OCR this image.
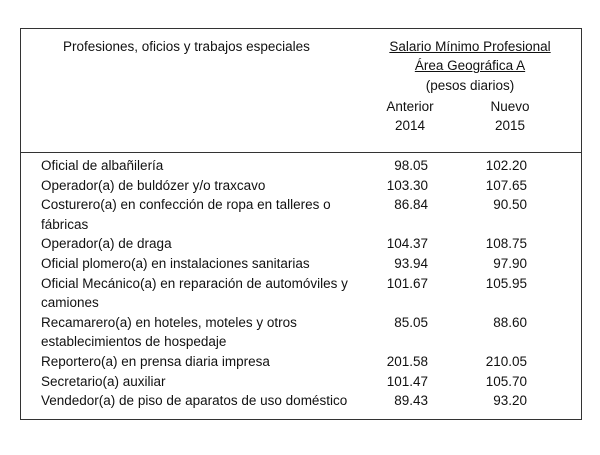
Profesiones, oficios y trabajos especiales	Salario Mínimo Profesional
Área Geográfica A
(pesos diarios)
Anterior
2014
Nuevo
2015
Oficial de albañilería	98.05	102.20
Operador(a) de buldózer y/o traxcavo	103.30	107.65
Costurero(a) en confección de ropa en talleres o
fábricas
86.84	90.50
Operador(a) de draga	104.37	108.75
Oficial plomero(a) en instalaciones sanitarias	93.94	97.90
Oficial Mecánico(a) en reparación de automóviles y
camiones
101.67	105.95
Recamarero(a) en hoteles, moteles y otros
establecimientos de hospedaje
85.05	88.60
Reportero(a) en prensa diaria impresa	201.58	210.05
Secretario(a) auxiliar	101.47	105.70
Vendedor(a) de piso de aparatos de uso doméstico	89.43	93.20
